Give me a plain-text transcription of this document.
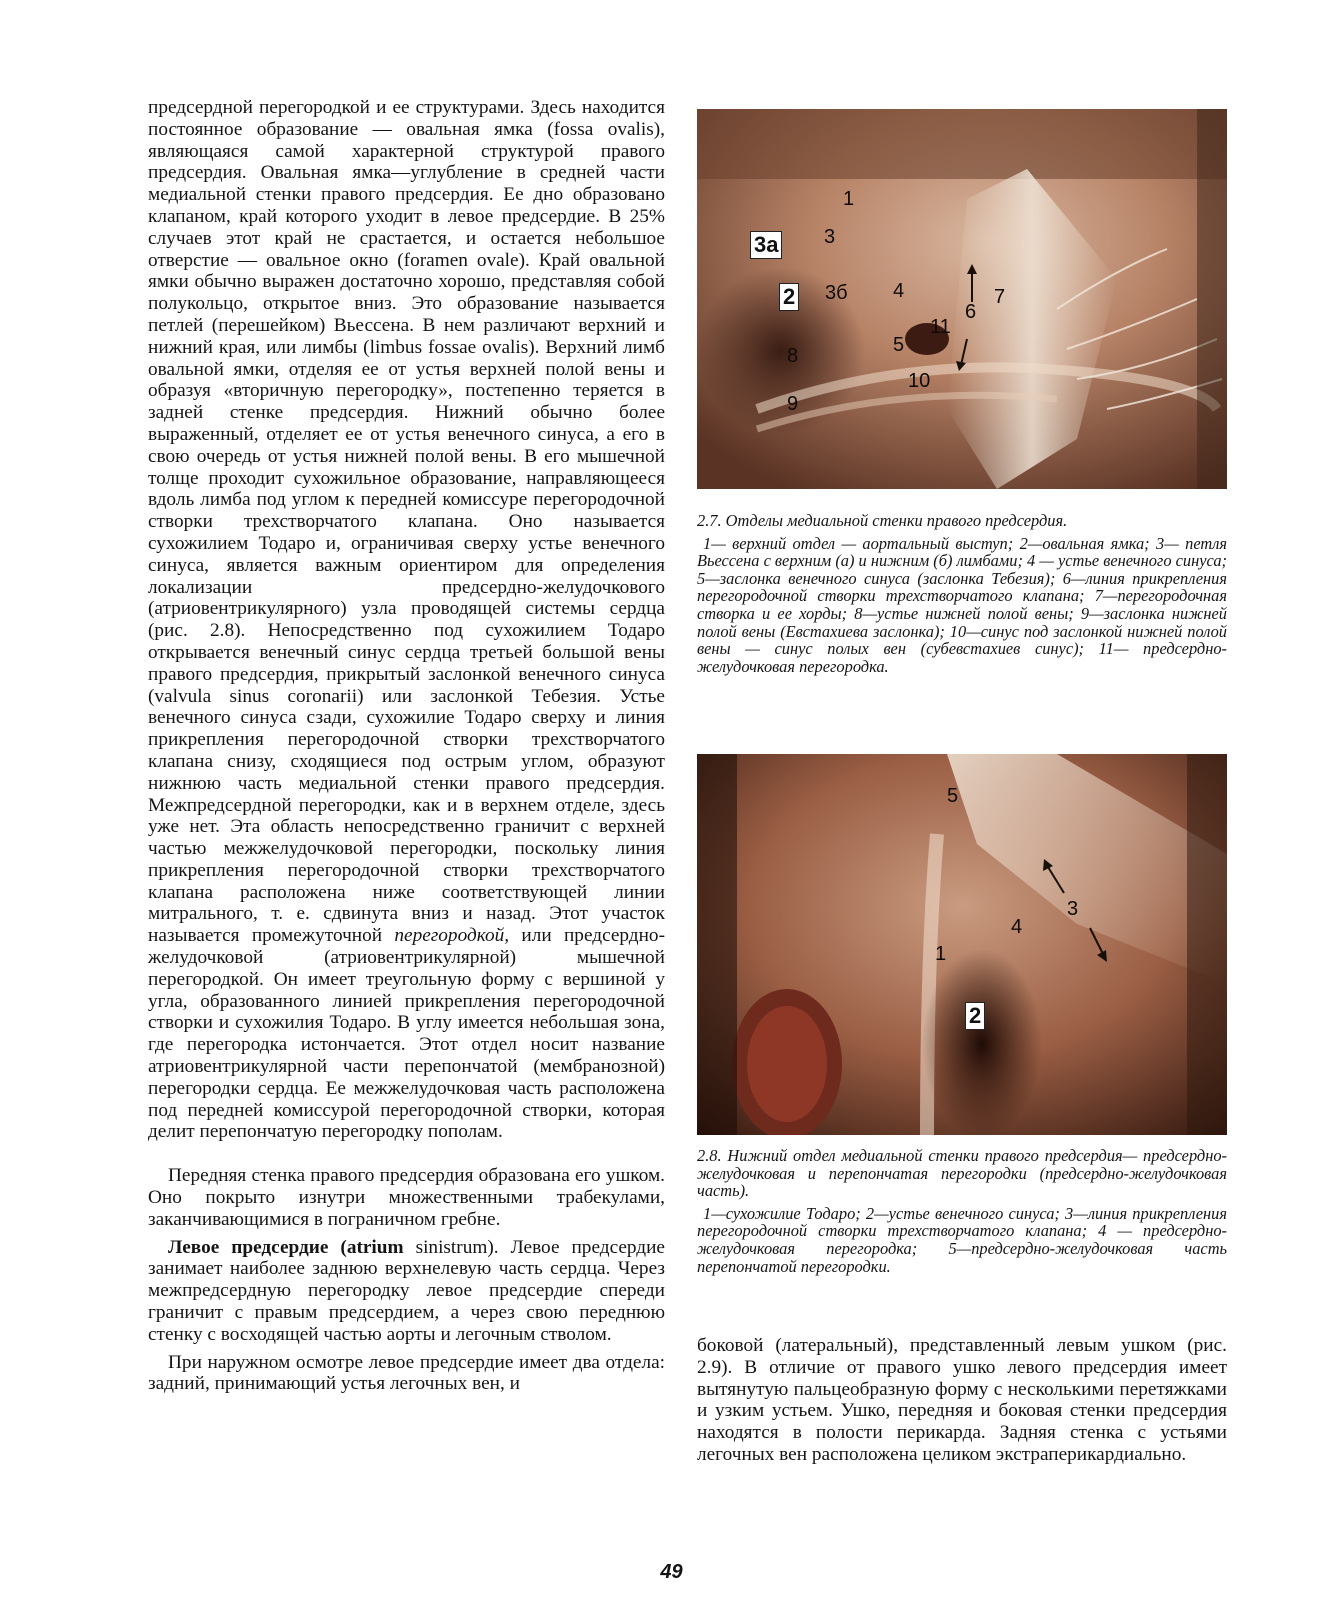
предсердной перегородкой и ее структурами. Здесь находится постоянное образование — овальная ямка (fossa ovalis), являющаяся самой характерной структурой правого предсердия. Овальная ямка—углубление в средней части медиальной стенки правого предсердия. Ее дно образовано клапаном, край которого уходит в левое предсердие. В 25% случаев этот край не срастается, и остается небольшое отверстие — овальное окно (foramen ovale). Край овальной ямки обычно выражен достаточно хорошо, представляя собой полукольцо, открытое вниз. Это образование называется петлей (перешейком) Вьессена. В нем различают верхний и нижний края, или лимбы (limbus fossae ovalis). Верхний лимб овальной ямки, отделяя ее от устья верхней полой вены и образуя «вторичную перегородку», постепенно теряется в задней стенке предсердия. Нижний обычно более выраженный, отделяет ее от устья венечного синуса, а его в свою очередь от устья нижней полой вены. В его мышечной толще проходит сухожильное образование, направляющееся вдоль лимба под углом к передней комиссуре перегородочной створки трехстворчатого клапана. Оно называется сухожилием Тодаро и, ограничивая сверху устье венечного синуса, является важным ориентиром для определения локализации предсердно-желудочкового (атриовентрикулярного) узла проводящей системы сердца (рис. 2.8). Непосредственно под сухожилием Тодаро открывается венечный синус сердца третьей большой вены правого предсердия, прикрытый заслонкой венечного синуса (valvula sinus coronarii) или заслонкой Тебезия. Устье венечного синуса сзади, сухожилие Тодаро сверху и линия прикрепления перегородочной створки трехстворчатого клапана снизу, сходящиеся под острым углом, образуют нижнюю часть медиальной стенки правого предсердия. Межпредсердной перегородки, как и в верхнем отделе, здесь уже нет. Эта область непосредственно граничит с верхней частью межжелудочковой перегородки, поскольку линия прикрепления перегородочной створки трехстворчатого клапана расположена ниже соответствующей линии митрального, т. е. сдвинута вниз и назад. Этот участок называется промежуточной перегородкой, или предсердно-желудочковой (атриовентрикулярной) мышечной перегородкой. Он имеет треугольную форму с вершиной у угла, образованного линией прикрепления перегородочной створки и сухожилия Тодаро. В углу имеется небольшая зона, где перегородка истончается. Этот отдел носит название атриовентрикулярной части перепончатой (мембранозной) перегородки сердца. Ее межжелудочковая часть расположена под передней комиссурой перегородочной створки, которая делит перепончатую перегородку пополам.

Передняя стенка правого предсердия образована его ушком. Оно покрыто изнутри множественными трабекулами, заканчивающимися в пограничном гребне.

Левое предсердие (atrium sinistrum). Левое предсердие занимает наиболее заднюю верхнелевую часть сердца. Через межпредсердную перегородку левое предсердие спереди граничит с правым предсердием, а через свою переднюю стенку с восходящей частью аорты и легочным стволом.

При наружном осмотре левое предсердие имеет два отдела: задний, принимающий устья легочных вен, и

1
3
3а
2 3б 4
11
6
7
8	5
10
9

2.7. Отделы медиальной стенки правого предсердия.

1— верхний отдел — аортальный выступ; 2—овальная ямка; 3— петля Вьессена с верхним (а) и нижним (б) лимбами; 4 — устье венечного синуса; 5—заслонка венечного синуса (заслонка Тебезия); 6—линия прикрепления перегородочной створки трехстворчатого клапана; 7—перегородочная створка и ее хорды; 8—устье нижней полой вены; 9—заслонка нижней полой вены (Евстахиева заслонка); 10—синус под заслонкой нижней полой вены — синус полых вен (субевстахиев синус); 11— предсердно-желудочковая перегородка.

5
3
4
1
2

2.8. Нижний отдел медиальной стенки правого предсердия— предсердно-желудочковая и перепончатая перегородки (предсердно-желудочковая часть).

1—сухожилие Тодаро; 2—устье венечного синуса; 3—линия прикрепления перегородочной створки трехстворчатого клапана; 4 — предсердно-желудочковая перегородка; 5—предсердно-желудочковая часть перепончатой перегородки.

боковой (латеральный), представленный левым ушком (рис. 2.9). В отличие от правого ушко левого предсердия имеет вытянутую пальцеобразную форму с несколькими перетяжками и узким устьем. Ушко, передняя и боковая стенки предсердия находятся в полости перикарда. Задняя стенка с устьями легочных вен расположена целиком экстраперикардиально.

49
